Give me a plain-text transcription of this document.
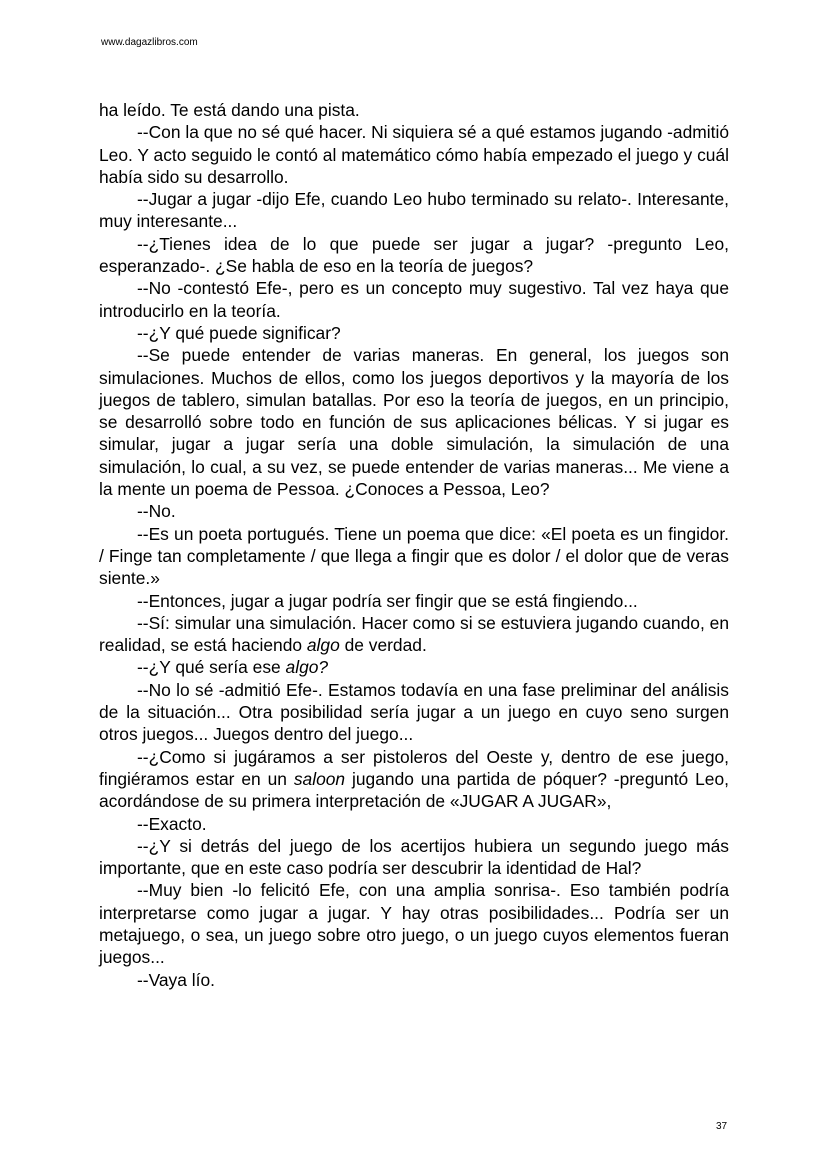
www.dagazlibros.com

ha leído. Te está dando una pista.

--Con la que no sé qué hacer. Ni siquiera sé a qué estamos jugando -admitió Leo. Y acto seguido le contó al matemático cómo había empezado el juego y cuál había sido su desarrollo.

--Jugar a jugar -dijo Efe, cuando Leo hubo terminado su relato-. Interesante, muy interesante...

--¿Tienes idea de lo que puede ser jugar a jugar? -pregunto Leo, esperanzado-. ¿Se habla de eso en la teoría de juegos?

--No -contestó Efe-, pero es un concepto muy sugestivo. Tal vez haya que introducirlo en la teoría.

--¿Y qué puede significar?

--Se puede entender de varias maneras. En general, los juegos son simulaciones. Muchos de ellos, como los juegos deportivos y la mayoría de los juegos de tablero, simulan batallas. Por eso la teoría de juegos, en un principio, se desarrolló sobre todo en función de sus aplicaciones bélicas. Y si jugar es simular, jugar a jugar sería una doble simulación, la simulación de una simulación, lo cual, a su vez, se puede entender de varias maneras... Me viene a la mente un poema de Pessoa. ¿Conoces a Pessoa, Leo?

--No.

--Es un poeta portugués. Tiene un poema que dice: «El poeta es un fingidor. / Finge tan completamente / que llega a fingir que es dolor / el dolor que de veras siente.»

--Entonces, jugar a jugar podría ser fingir que se está fingiendo...

--Sí: simular una simulación. Hacer como si se estuviera jugando cuando, en realidad, se está haciendo algo de verdad.

--¿Y qué sería ese algo?

--No lo sé -admitió Efe-. Estamos todavía en una fase preliminar del análisis de la situación... Otra posibilidad sería jugar a un juego en cuyo seno surgen otros juegos... Juegos dentro del juego...

--¿Como si jugáramos a ser pistoleros del Oeste y, dentro de ese juego, fingiéramos estar en un saloon jugando una partida de póquer? -preguntó Leo, acordándose de su primera interpretación de «JUGAR A JUGAR»,

--Exacto.

--¿Y si detrás del juego de los acertijos hubiera un segundo juego más importante, que en este caso podría ser descubrir la identidad de Hal?

--Muy bien -lo felicitó Efe, con una amplia sonrisa-. Eso también podría interpretarse como jugar a jugar. Y hay otras posibilidades... Podría ser un metajuego, o sea, un juego sobre otro juego, o un juego cuyos elementos fueran juegos...

--Vaya lío.

37
